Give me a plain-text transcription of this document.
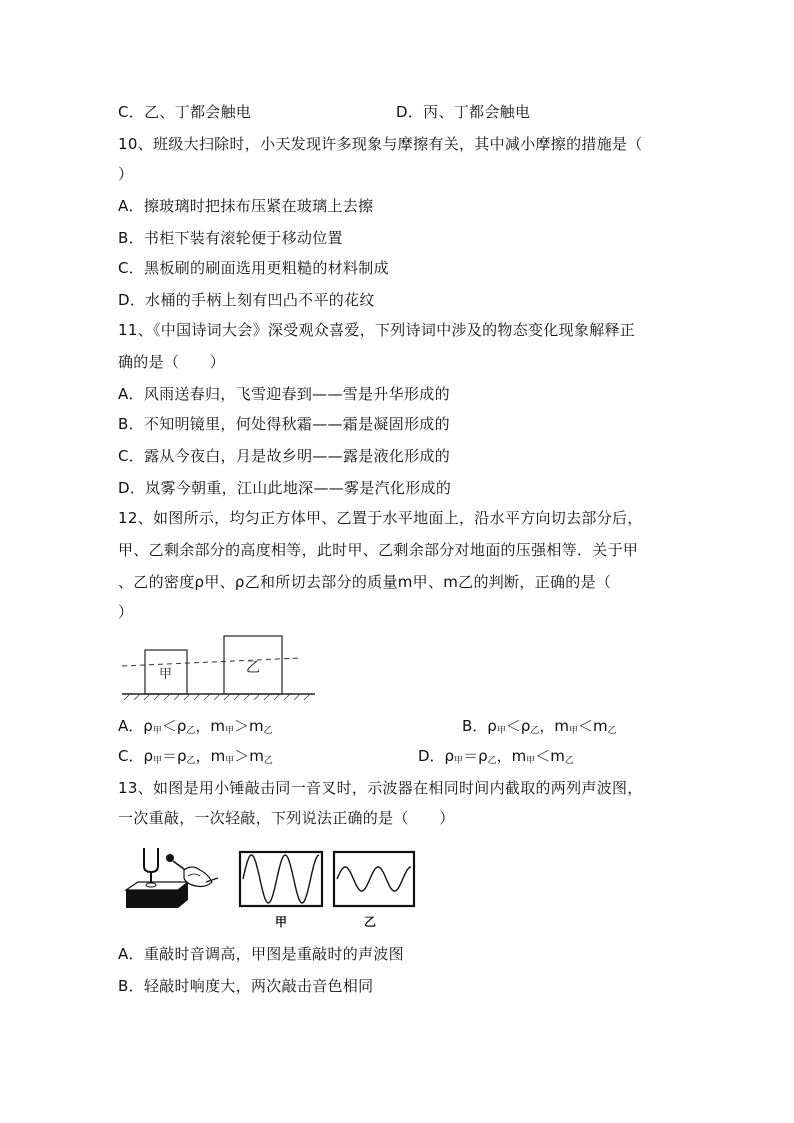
C．乙、丁都会触电	D．丙、丁都会触电
10、班级大扫除时，小天发现许多现象与摩擦有关，其中减小摩擦的措施是（
）
A．擦玻璃时把抹布压紧在玻璃上去擦
B．书柜下装有滚轮便于移动位置
C．黑板刷的刷面选用更粗糙的材料制成
D．水桶的手柄上刻有凹凸不平的花纹
11、《中国诗词大会》深受观众喜爱，下列诗词中涉及的物态变化现象解释正
确的是（　　）
A．风雨送春归，飞雪迎春到——雪是升华形成的
B．不知明镜里，何处得秋霜——霜是凝固形成的
C．露从今夜白，月是故乡明——露是液化形成的
D．岚雾今朝重，江山此地深——雾是汽化形成的
12、如图所示，均匀正方体甲、乙置于水平地面上，沿水平方向切去部分后，
甲、乙剩余部分的高度相等，此时甲、乙剩余部分对地面的压强相等．关于甲
、乙的密度ρ甲、ρ乙和所切去部分的质量m甲、m乙的判断，正确的是（
）
甲	乙
A．$\rho_甲<\rho_乙$，$m_甲>m_乙$	B．$\rho_甲<\rho_乙$，$m_甲<m_乙$
C．$\rho_甲=\rho_乙$，$m_甲>m_乙$	D．$\rho_甲=\rho_乙$，$m_甲<m_乙$
13、如图是用小锤敲击同一音叉时，示波器在相同时间内截取的两列声波图，
一次重敲，一次轻敲，下列说法正确的是（　　）
甲	乙
A．重敲时音调高，甲图是重敲时的声波图
B．轻敲时响度大，两次敲击音色相同
